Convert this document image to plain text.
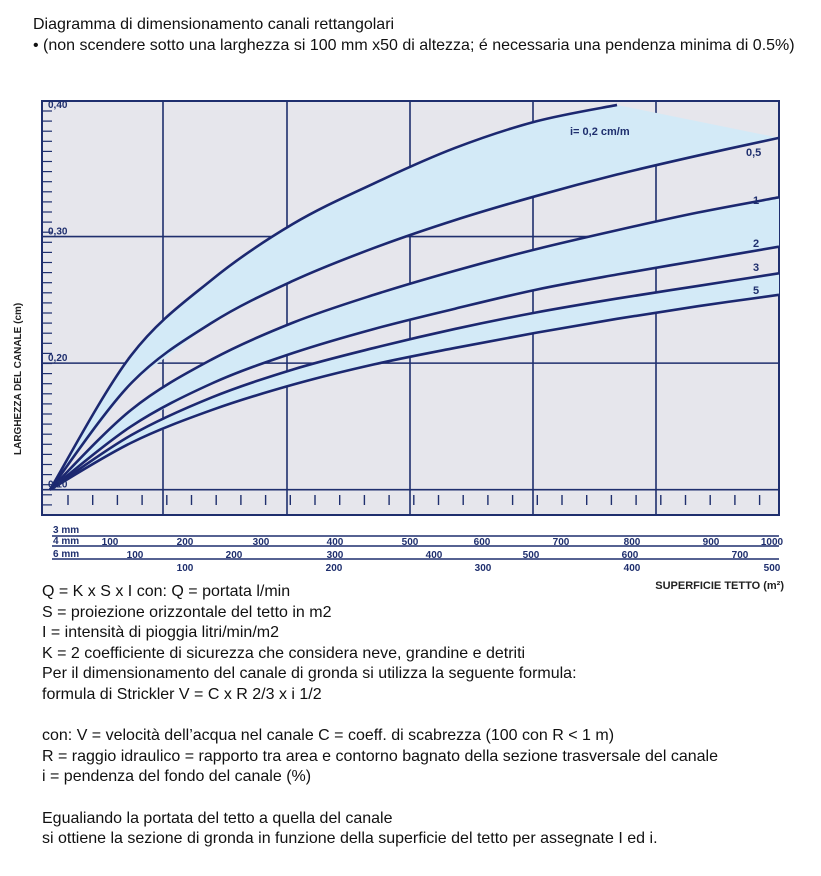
Diagramma di dimensionamento canali rettangolari
• (non scendere sotto una larghezza si 100 mm x50 di altezza; é necessaria una pendenza minima di 0.5%)
i= 0,2 cm/m
0,5
1
2
3
5
0,40
0,30
0,20
0,10
3 mm
4 mm 100	200	300	400	500	600	700	800	900	1000
6 mm	100	200	300	400	500	600	700
100	200	300	400	500
LARGHEZZA DEL CANALE (cm)
SUPERFICIE TETTO (m²)
Q = K x S x I con: Q = portata l/min
S = proiezione orizzontale del tetto in m2
I = intensità di pioggia litri/min/m2
K = 2 coefficiente di sicurezza che considera neve, grandine e detriti
Per il dimensionamento del canale di gronda si utilizza la seguente formula:
formula di Strickler V = C x R 2/3 x i 1/2
con: V = velocità dell’acqua nel canale C = coeff. di scabrezza (100 con R < 1 m)
R = raggio idraulico = rapporto tra area e contorno bagnato della sezione trasversale del canale
i = pendenza del fondo del canale (%)
Egualiando la portata del tetto a quella del canale
si ottiene la sezione di gronda in funzione della superficie del tetto per assegnate I ed i.
